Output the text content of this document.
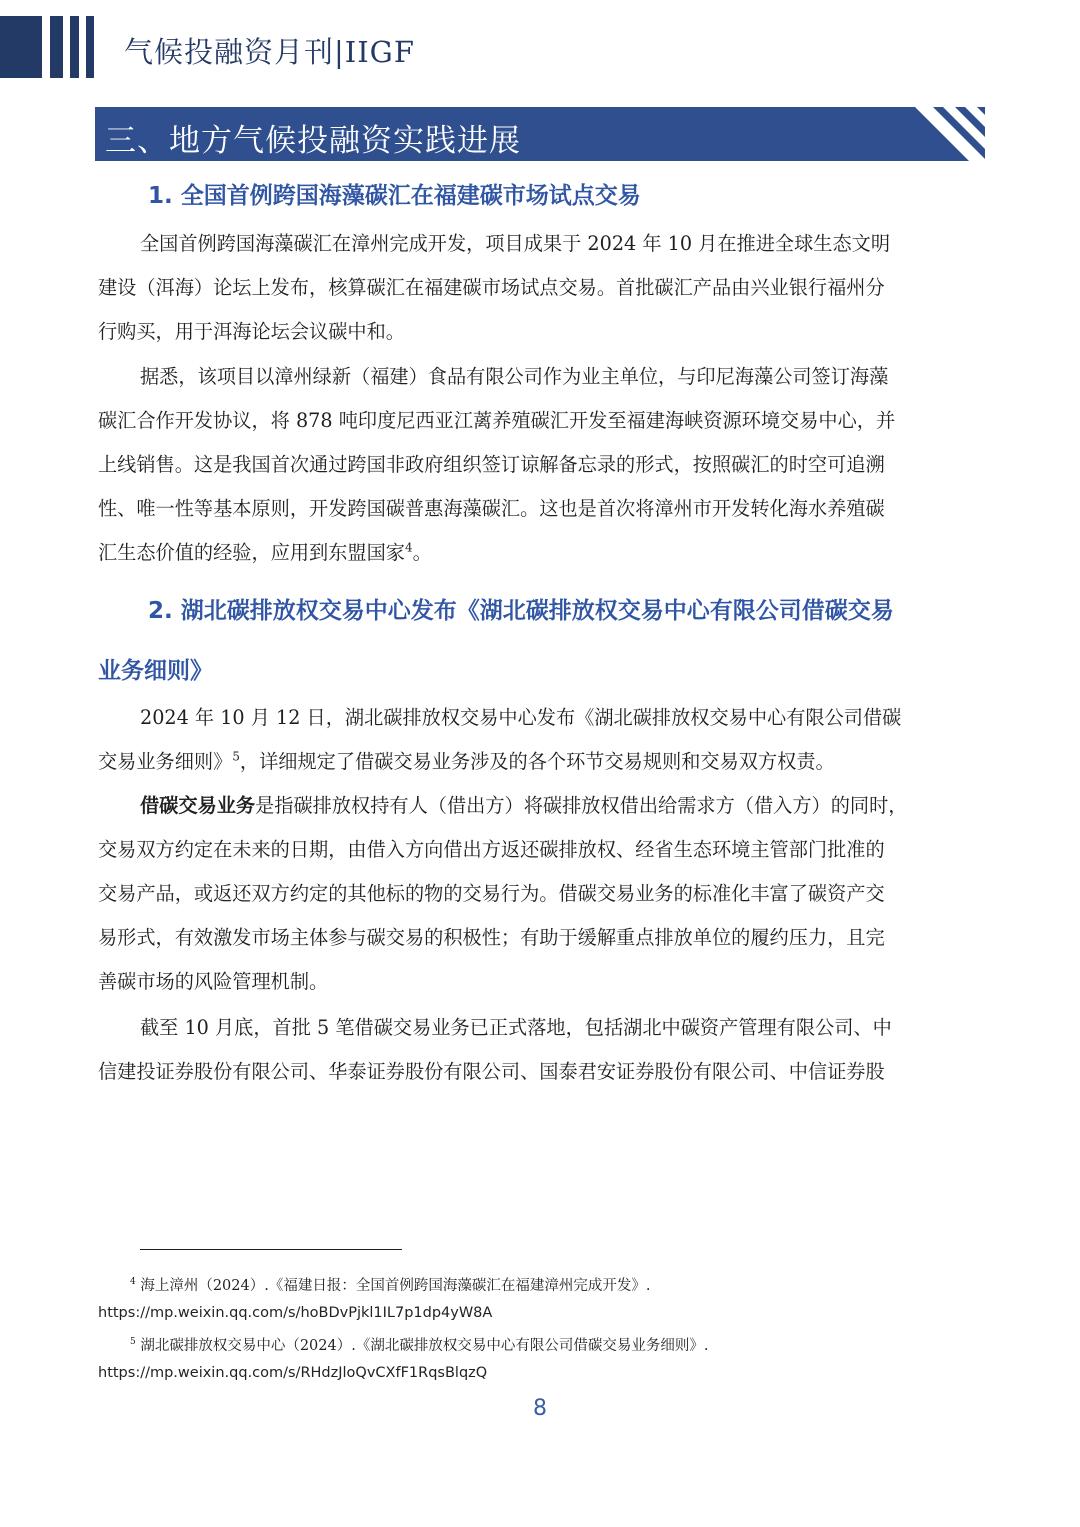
气候投融资月刊|IIGF
三、地方气候投融资实践进展
1. 全国首例跨国海藻碳汇在福建碳市场试点交易
全国首例跨国海藻碳汇在漳州完成开发，项目成果于 2024 年 10 月在推进全球生态文明
建设（洱海）论坛上发布，核算碳汇在福建碳市场试点交易。首批碳汇产品由兴业银行福州分
行购买，用于洱海论坛会议碳中和。
据悉，该项目以漳州绿新（福建）食品有限公司作为业主单位，与印尼海藻公司签订海藻
碳汇合作开发协议，将 878 吨印度尼西亚江蓠养殖碳汇开发至福建海峡资源环境交易中心，并
上线销售。这是我国首次通过跨国非政府组织签订谅解备忘录的形式，按照碳汇的时空可追溯
性、唯一性等基本原则，开发跨国碳普惠海藻碳汇。这也是首次将漳州市开发转化海水养殖碳
汇生态价值的经验，应用到东盟国家$^4$。
2. 湖北碳排放权交易中心发布《湖北碳排放权交易中心有限公司借碳交易
业务细则》
2024 年 10 月 12 日，湖北碳排放权交易中心发布《湖北碳排放权交易中心有限公司借碳
交易业务细则》$^5$，详细规定了借碳交易业务涉及的各个环节交易规则和交易双方权责。
借碳交易业务是指碳排放权持有人（借出方）将碳排放权借出给需求方（借入方）的同时，
交易双方约定在未来的日期，由借入方向借出方返还碳排放权、经省生态环境主管部门批准的
交易产品，或返还双方约定的其他标的物的交易行为。借碳交易业务的标准化丰富了碳资产交
易形式，有效激发市场主体参与碳交易的积极性；有助于缓解重点排放单位的履约压力，且完
善碳市场的风险管理机制。
截至 10 月底，首批 5 笔借碳交易业务已正式落地，包括湖北中碳资产管理有限公司、中
信建投证券股份有限公司、华泰证券股份有限公司、国泰君安证券股份有限公司、中信证券股
$^4$ 海上漳州（2024）.《福建日报：全国首例跨国海藻碳汇在福建漳州完成开发》.
https://mp.weixin.qq.com/s/hoBDvPjkl1IL7p1dp4yW8A
$^5$ 湖北碳排放权交易中心（2024）.《湖北碳排放权交易中心有限公司借碳交易业务细则》.
https://mp.weixin.qq.com/s/RHdzJloQvCXfF1RqsBlqzQ
8
